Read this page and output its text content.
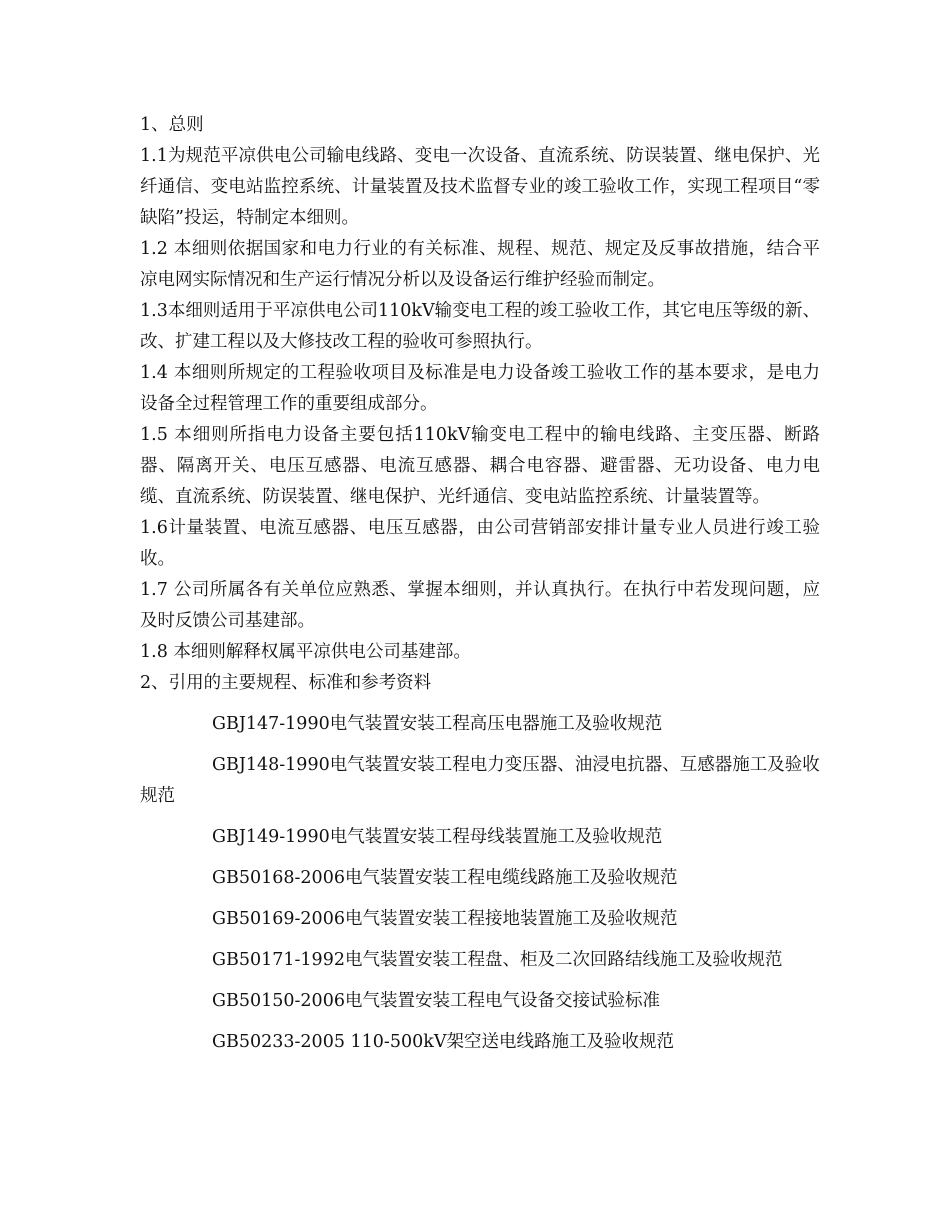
1、总则

1.1为规范平凉供电公司输电线路、变电一次设备、直流系统、防误装置、继电保护、光纤通信、变电站监控系统、计量装置及技术监督专业的竣工验收工作，实现工程项目“零缺陷”投运，特制定本细则。

1.2 本细则依据国家和电力行业的有关标准、规程、规范、规定及反事故措施，结合平凉电网实际情况和生产运行情况分析以及设备运行维护经验而制定。

1.3本细则适用于平凉供电公司110kV输变电工程的竣工验收工作，其它电压等级的新、改、扩建工程以及大修技改工程的验收可参照执行。

1.4 本细则所规定的工程验收项目及标准是电力设备竣工验收工作的基本要求，是电力设备全过程管理工作的重要组成部分。

1.5 本细则所指电力设备主要包括110kV输变电工程中的输电线路、主变压器、断路器、隔离开关、电压互感器、电流互感器、耦合电容器、避雷器、无功设备、电力电缆、直流系统、防误装置、继电保护、光纤通信、变电站监控系统、计量装置等。

1.6计量装置、电流互感器、电压互感器，由公司营销部安排计量专业人员进行竣工验收。

1.7 公司所属各有关单位应熟悉、掌握本细则，并认真执行。在执行中若发现问题，应及时反馈公司基建部。

1.8 本细则解释权属平凉供电公司基建部。

2、引用的主要规程、标准和参考资料

GBJ147-1990电气装置安装工程高压电器施工及验收规范

GBJ148-1990电气装置安装工程电力变压器、油浸电抗器、互感器施工及验收规范

GBJ149-1990电气装置安装工程母线装置施工及验收规范

GB50168-2006电气装置安装工程电缆线路施工及验收规范

GB50169-2006电气装置安装工程接地装置施工及验收规范

GB50171-1992电气装置安装工程盘、柜及二次回路结线施工及验收规范

GB50150-2006电气装置安装工程电气设备交接试验标准

GB50233-2005 110-500kV架空送电线路施工及验收规范
